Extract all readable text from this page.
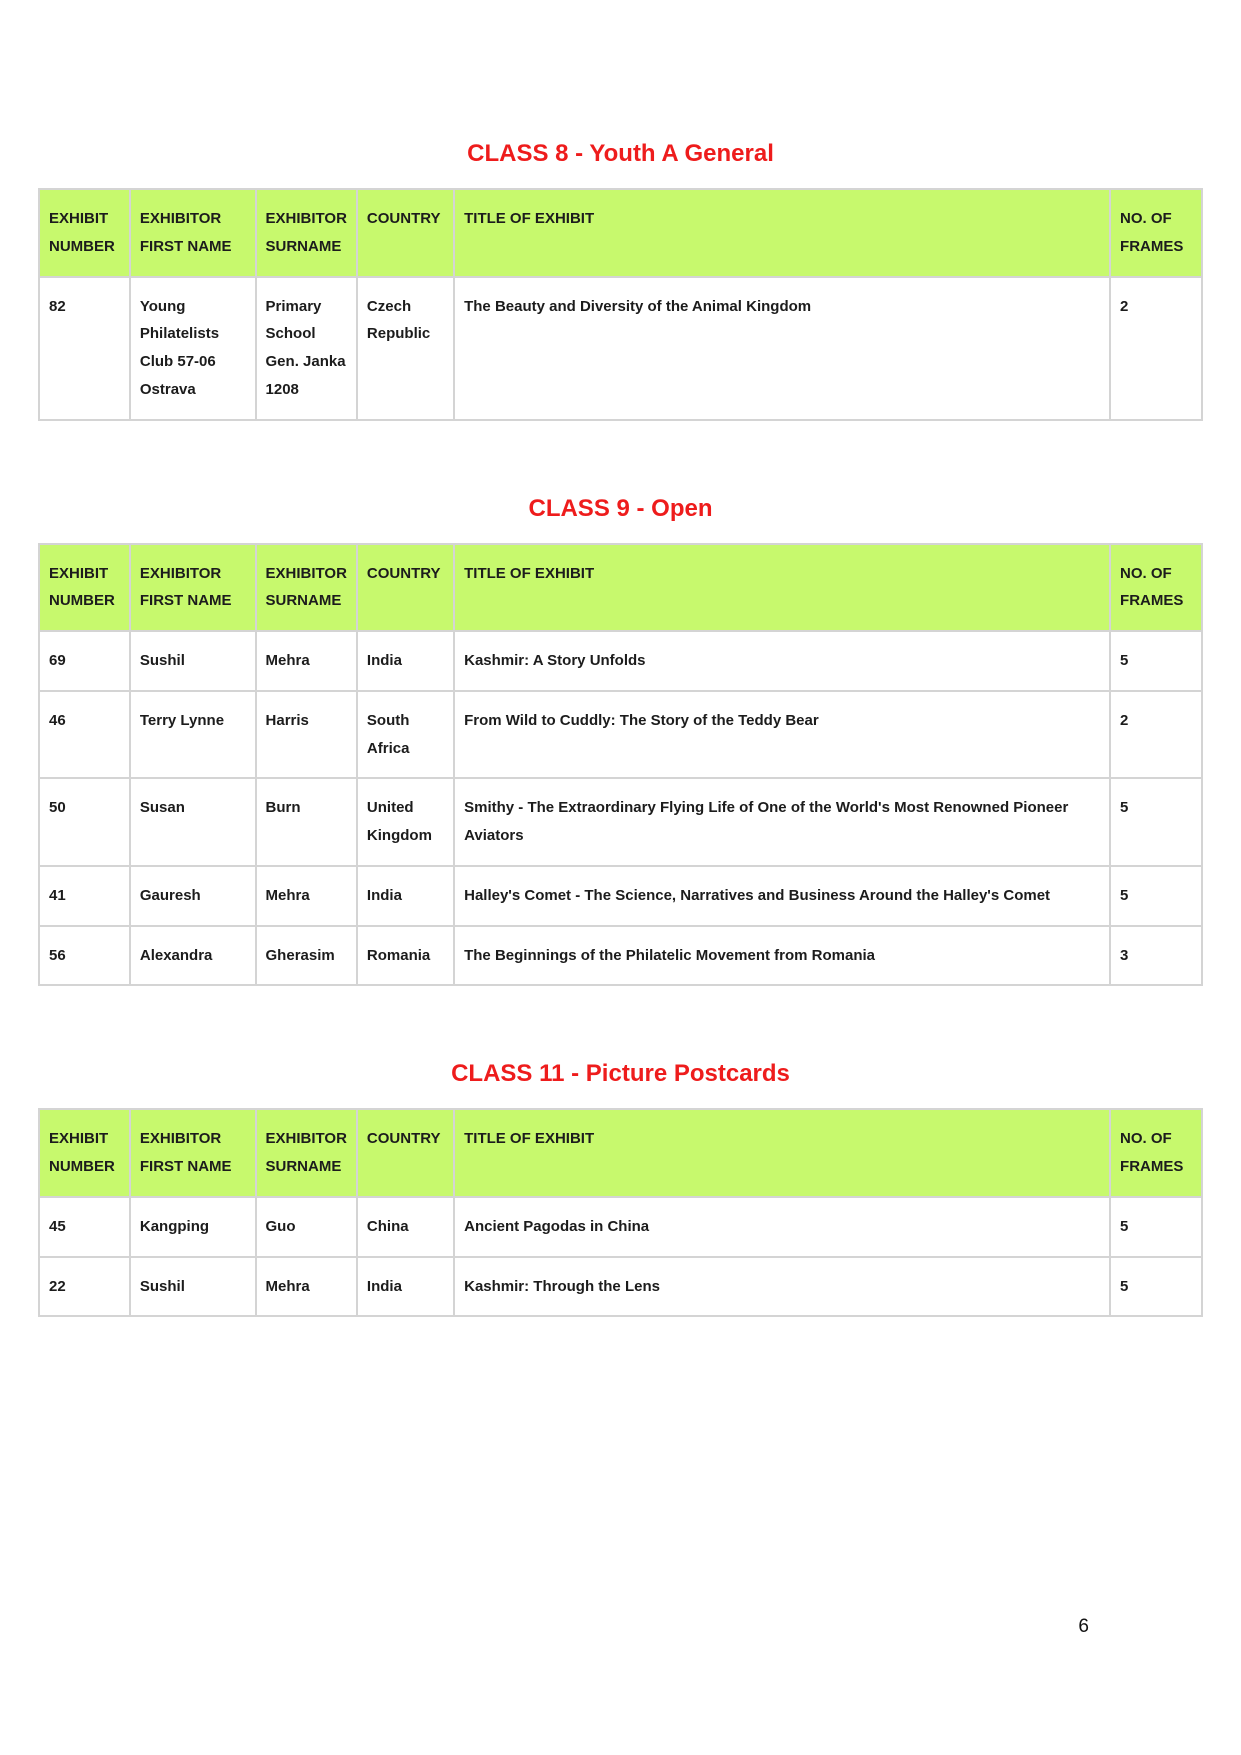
CLASS 8 - Youth A General
EXHIBIT NUMBER	EXHIBITOR FIRST NAME	EXHIBITOR SURNAME	COUNTRY	TITLE OF EXHIBIT	NO. OF FRAMES
82	Young Philatelists Club 57-06 Ostrava	Primary School Gen. Janka 1208	Czech Republic	The Beauty and Diversity of the Animal Kingdom	2
CLASS 9 - Open
EXHIBIT NUMBER	EXHIBITOR FIRST NAME	EXHIBITOR SURNAME	COUNTRY	TITLE OF EXHIBIT	NO. OF FRAMES
69	Sushil	Mehra	India	Kashmir: A Story Unfolds	5
46	Terry Lynne	Harris	South Africa	From Wild to Cuddly: The Story of the Teddy Bear	2
50	Susan	Burn	United Kingdom	Smithy - The Extraordinary Flying Life of One of the World's Most Renowned Pioneer Aviators	5
41	Gauresh	Mehra	India	Halley's Comet - The Science, Narratives and Business Around the Halley's Comet	5
56	Alexandra	Gherasim	Romania	The Beginnings of the Philatelic Movement from Romania	3
CLASS 11 - Picture Postcards
EXHIBIT NUMBER	EXHIBITOR FIRST NAME	EXHIBITOR SURNAME	COUNTRY	TITLE OF EXHIBIT	NO. OF FRAMES
45	Kangping	Guo	China	Ancient Pagodas in China	5
22	Sushil	Mehra	India	Kashmir: Through the Lens	5
6
